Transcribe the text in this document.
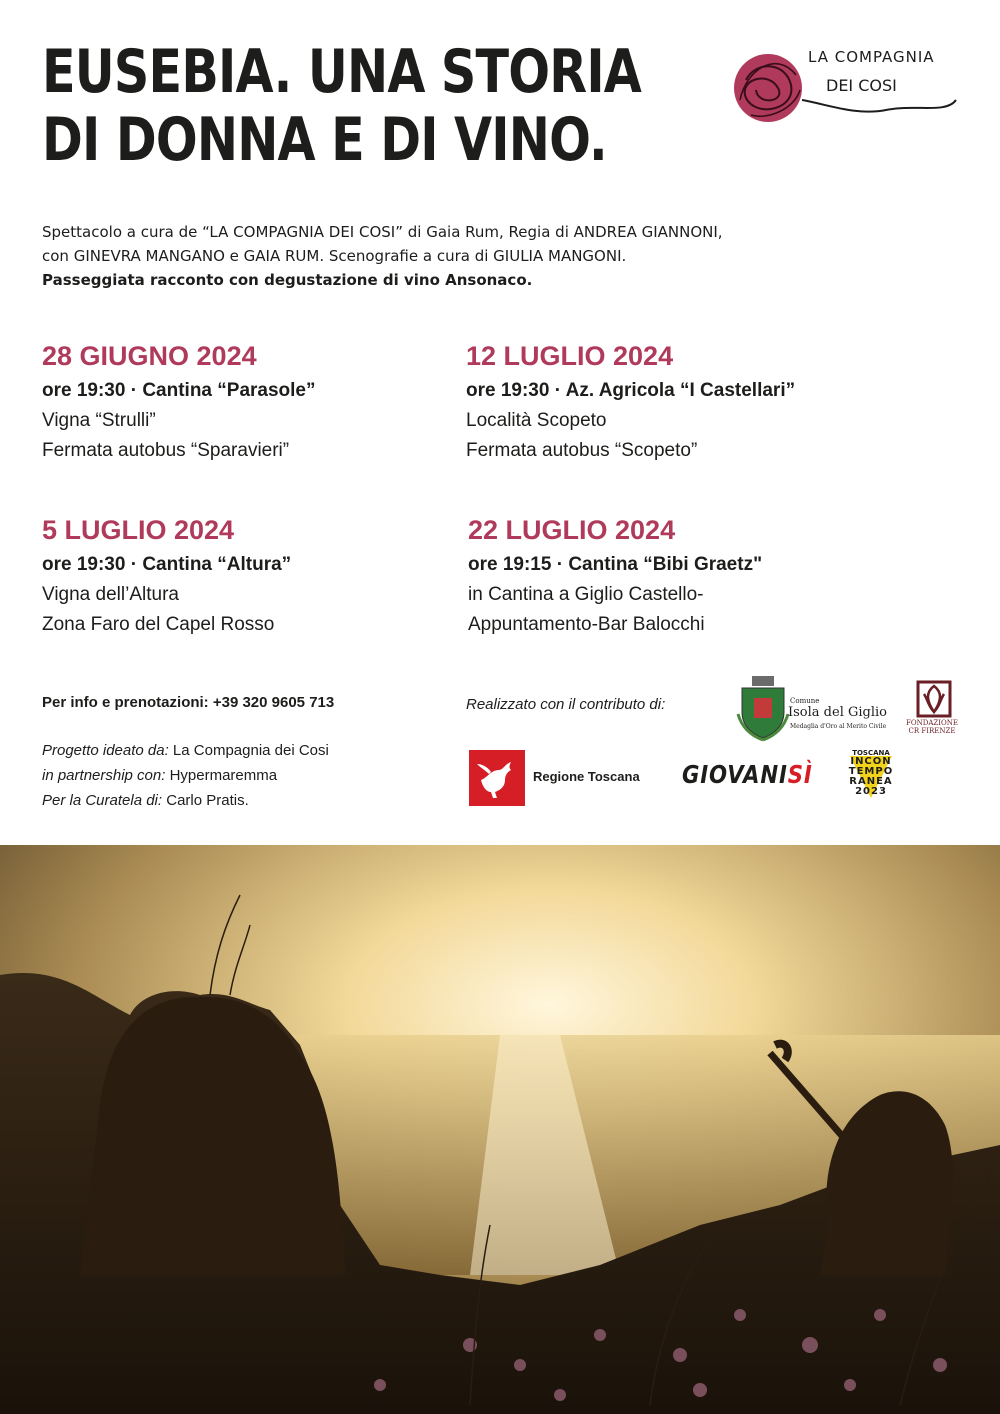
EUSEBIA. UNA STORIA
DI DONNA E DI VINO.
LA COMPAGNIA
DEI COSI

Spettacolo a cura de “LA COMPAGNIA DEI COSI” di Gaia Rum, Regia di ANDREA GIANNONI,

con GINEVRA MANGANO e GAIA RUM. Scenografie a cura di GIULIA MANGONI.

Passeggiata racconto con degustazione di vino Ansonaco.

28 GIUGNO 2024
ore 19:30 · Cantina “Parasole”
Vigna “Strulli”
Fermata autobus “Sparavieri”
12 LUGLIO 2024
ore 19:30 · Az. Agricola “I Castellari”
Località Scopeto
Fermata autobus “Scopeto”
5 LUGLIO 2024
ore 19:30 · Cantina “Altura”
Vigna dell’Altura
Zona Faro del Capel Rosso
22 LUGLIO 2024
ore 19:15 · Cantina “Bibi Graetz"
in Cantina a Giglio Castello-
Appuntamento-Bar Balocchi
Per info e prenotazioni: +39 320 9605 713
Progetto ideato da: La Compagnia dei Cosi
in partnership con: Hypermaremma
Per la Curatela di: Carlo Pratis.
Realizzato con il contributo di:	Comune
Isola del Giglio
Medaglia d'Oro al Merito Civile	FONDAZIONE
CR FIRENZE
Regione Toscana GIOVANISÌ
TOSCANA
INCON
TEMPO
RANEA
2023
